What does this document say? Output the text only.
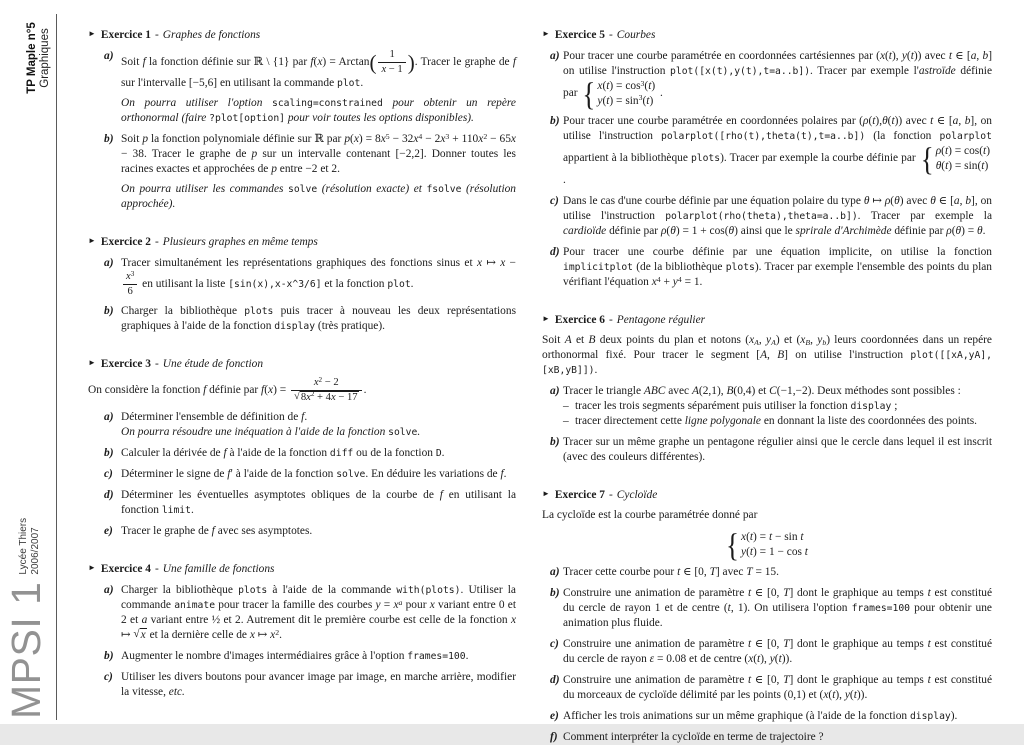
TP Maple n°5 Graphiques
MPSI 1
Lycée Thiers 2006/2007
► Exercice 1 - Graphes de fonctions
a)
Soit f la fonction définie sur ℝ \ {1} par $f(x) = Arctan( \frac{1}{x - 1}$ ). Tracer le graphe de f sur l'intervalle [−5,6] en utilisant la commande plot.
On pourra utiliser l'option scaling=constrained pour obtenir un repère orthonormal (faire ?plot[option] pour voir toutes les options disponibles).
b) Soit p la fonction polynomiale définie sur ℝ par $p(x) = 8x^5 - 32x^4 - 2x^3 + 110x^2 - 65x - 38$. Tracer le graphe de p sur un intervalle contenant [−2,2]. Donner toutes les racines exactes et approchées de p entre −2 et 2.
On pourra utiliser les commandes solve (résolution exacte) et fsolve (résolution approchée).
► Exercice 2 - Plusieurs graphes en même temps
a) Tracer simultanément les représentations graphiques des fonctions sinus et x ↦ x −
$\frac{x^3}{6}$ en utilisant la liste [sin(x),x-x^3/6] et la fonction plot.
b) Charger la bibliothèque plots puis tracer à nouveau les deux représentations graphiques à l'aide de la fonction display (très pratique).
► Exercice 3 - Une étude de fonction
On considère la fonction f définie par $f(x) = \frac{x^2 - 2}{√8x^2 + 4x - 17}$ .
a) Déterminer l'ensemble de définition de f.
On pourra résoudre une inéquation à l'aide de la fonction solve.
b) Calculer la dérivée de f à l'aide de la fonction diff ou de la fonction D.
c) Déterminer le signe de f′ à l'aide de la fonction solve. En déduire les variations de f.
d) Déterminer les éventuelles asymptotes obliques de la courbe de f en utilisant la fonction limit.
e) Tracer le graphe de f avec ses asymptotes.
► Exercice 4 - Une famille de fonctions
a) Charger la bibliothèque plots à l'aide de la commande with(plots). Utiliser la commande animate pour tracer la famille des courbes $y = x^a$ pour x variant entre 0 et 2 et a variant entre ½ et 2. Autrement dit le première courbe est celle de la fonction x ↦ √x et la dernière celle de x ↦ $x^2$.
b) Augmenter le nombre d'images intermédiaires grâce à l'option frames=100.
c) Utiliser les divers boutons pour avancer image par image, en marche arrière, modifier la vitesse, etc.
► Exercice 5 - Courbes
a) Pour tracer une courbe paramétrée en coordonnées cartésiennes par (x(t), y(t)) avec t ∈ [a, b] on utilise l'instruction plot([x(t),y(t),t=a..b]). Tracer par exemple l'astroïde définie par { $x(t) = \cos^3(t)$
$y(t) = \sin^3(t)$
.
b) Pour tracer une courbe paramétrée en coordonnées polaires par (ρ(t),θ(t)) avec t ∈ [a, b], on utilise l'instruction polarplot([rho(t),theta(t),t=a..b]) (la fonction polarplot appartient à la bibliothèque plots). Tracer par exemple la courbe définie par { ρ(t) = cos(t)
θ(t) = sin(t)
.
c) Dans le cas d'une courbe définie par une équation polaire du type θ ↦ ρ(θ) avec θ ∈ [a, b], on utilise l'instruction polarplot(rho(theta),theta=a..b]). Tracer par exemple la cardioïde définie par ρ(θ) = 1 + cos(θ) ainsi que le sprirale d'Archimède définie par ρ(θ) = θ.
d) Pour tracer une courbe définie par une équation implicite, on utilise la fonction implicitplot (de la bibliothèque plots). Tracer par exemple l'ensemble des points du plan vérifiant l'équation $x^4 + y^4 = 1$.
► Exercice 6 - Pentagone régulier
Soit A et B deux points du plan et notons ($x_A$, $y_A$) et ($x_B$, $y_b$) leurs coordonnées dans un repére orthonormal fixé. Pour tracer le segment [A, B] on utilise l'instruction plot([[xA,yA],[xB,yB]]).
a) Tracer le triangle ABC avec A(2,1), B(0,4) et C(−1,−2). Deux méthodes sont possibles :
– tracer les trois segments séparément puis utiliser la fonction display ;
– tracer directement cette ligne polygonale en donnant la liste des coordonnées des points.
b) Tracer sur un même graphe un pentagone régulier ainsi que le cercle dans lequel il est inscrit (avec des couleurs différentes).
► Exercice 7 - Cycloïde
La cycloïde est la courbe paramétrée donné par
{ x(t) = t − sin t
y(t) = 1 − cos t
a) Tracer cette courbe pour t ∈ [0, T] avec T = 15.
b) Construire une animation de paramètre t ∈ [0, T] dont le graphique au temps t est constitué du cercle de rayon 1 et de centre (t, 1). On utilisera l'option frames=100 pour obtenir une animation plus fluide.
c) Construire une animation de paramètre t ∈ [0, T] dont le graphique au temps t est constitué du cercle de rayon ε = 0.08 et de centre (x(t), y(t)).
d) Construire une animation de paramètre t ∈ [0, T] dont le graphique au temps t est constitué du morceaux de cycloïde délimité par les points (0,1) et (x(t), y(t)).
e) Afficher les trois animations sur un même graphique (à l'aide de la fonction display).
f) Comment interpréter la cycloïde en terme de trajectoire ?
